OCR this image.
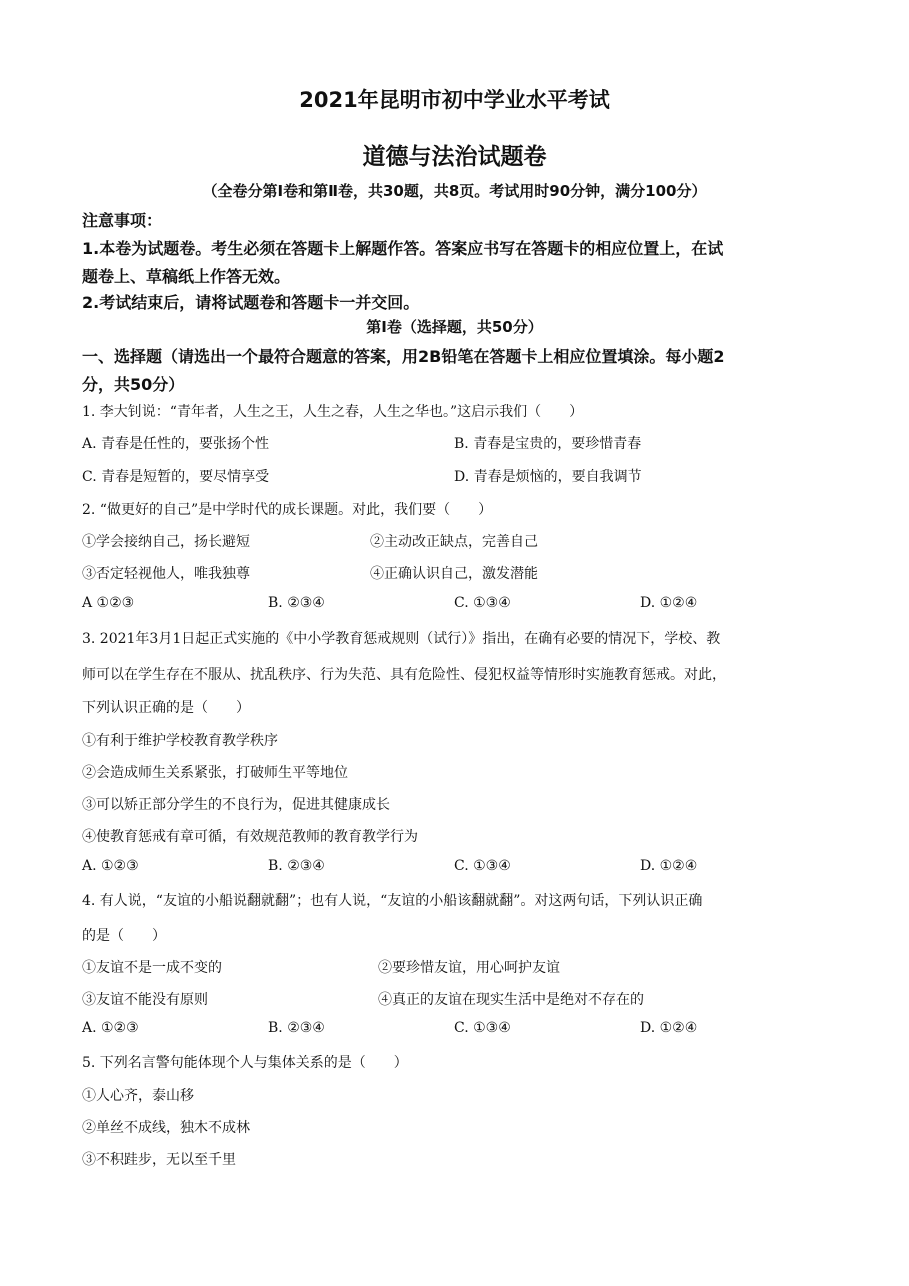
2021年昆明市初中学业水平考试
道德与法治试题卷
（全卷分第Ⅰ卷和第Ⅱ卷，共30题，共8页。考试用时90分钟，满分100分）
注意事项：
1.本卷为试题卷。考生必须在答题卡上解题作答。答案应书写在答题卡的相应位置上，在试
题卷上、草稿纸上作答无效。
2.考试结束后，请将试题卷和答题卡一并交回。
第Ⅰ卷（选择题，共50分）
一、选择题（请选出一个最符合题意的答案，用2B铅笔在答题卡上相应位置填涂。每小题2
分，共50分）
1. 李大钊说：“青年者，人生之王，人生之春，人生之华也。”这启示我们（　　）
A. 青春是任性的，要张扬个性	B. 青春是宝贵的，要珍惜青春
C. 青春是短暂的，要尽情享受	D. 青春是烦恼的，要自我调节
2. “做更好的自己”是中学时代的成长课题。对此，我们要（　　）
①学会接纳自己，扬长避短	②主动改正缺点，完善自己
③否定轻视他人，唯我独尊	④正确认识自己，激发潜能
A ①②③	B. ②③④	C. ①③④	D. ①②④
3. 2021年3月1日起正式实施的《中小学教育惩戒规则（试行）》指出，在确有必要的情况下，学校、教
师可以在学生存在不服从、扰乱秩序、行为失范、具有危险性、侵犯权益等情形时实施教育惩戒。对此，
下列认识正确的是（　　）
①有利于维护学校教育教学秩序
②会造成师生关系紧张，打破师生平等地位
③可以矫正部分学生的不良行为，促进其健康成长
④使教育惩戒有章可循，有效规范教师的教育教学行为
A. ①②③	B. ②③④	C. ①③④	D. ①②④
4. 有人说，“友谊的小船说翻就翻”；也有人说，“友谊的小船该翻就翻”。对这两句话，下列认识正确
的是（　　）
①友谊不是一成不变的	②要珍惜友谊，用心呵护友谊
③友谊不能没有原则	④真正的友谊在现实生活中是绝对不存在的
A. ①②③	B. ②③④	C. ①③④	D. ①②④
5. 下列名言警句能体现个人与集体关系的是（　　）
①人心齐，泰山移
②单丝不成线，独木不成林
③不积跬步，无以至千里
